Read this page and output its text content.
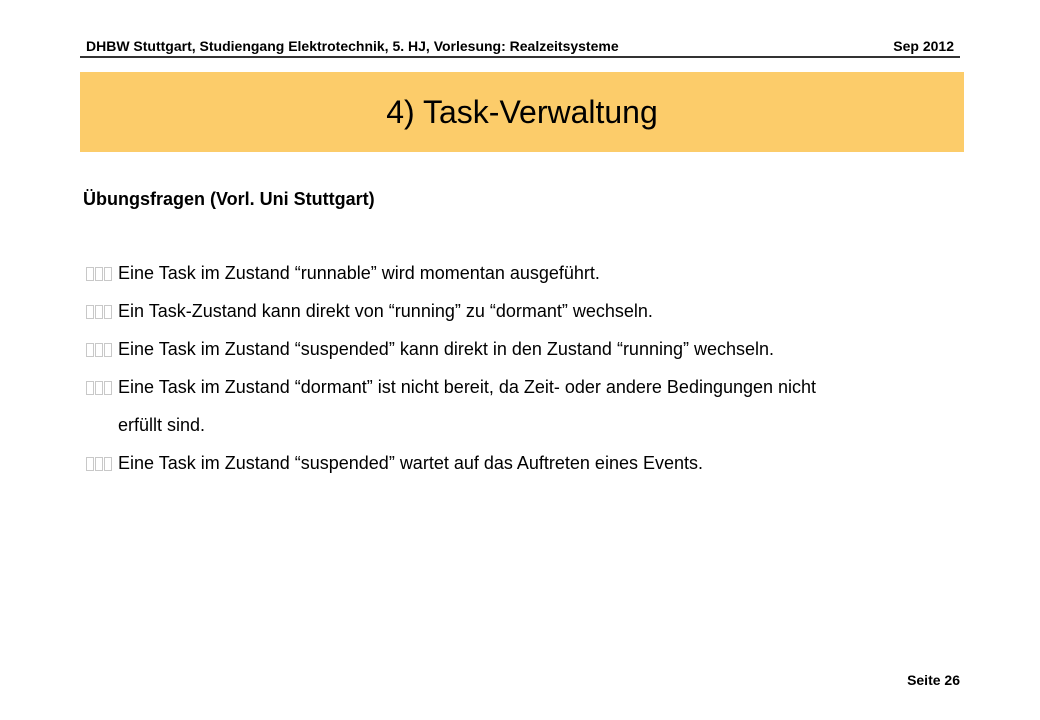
DHBW Stuttgart, Studiengang Elektrotechnik, 5. HJ, Vorlesung: Realzeitsysteme	Sep 2012
4) Task-Verwaltung
Übungsfragen (Vorl. Uni Stuttgart)
Eine Task im Zustand “runnable” wird momentan ausgeführt.
Ein Task-Zustand kann direkt von “running” zu “dormant” wechseln.
Eine Task im Zustand “suspended” kann direkt in den Zustand “running” wechseln.
Eine Task im Zustand “dormant” ist nicht bereit, da Zeit- oder andere Bedingungen nicht
erfüllt sind.
Eine Task im Zustand “suspended” wartet auf das Auftreten eines Events.
Seite 26
